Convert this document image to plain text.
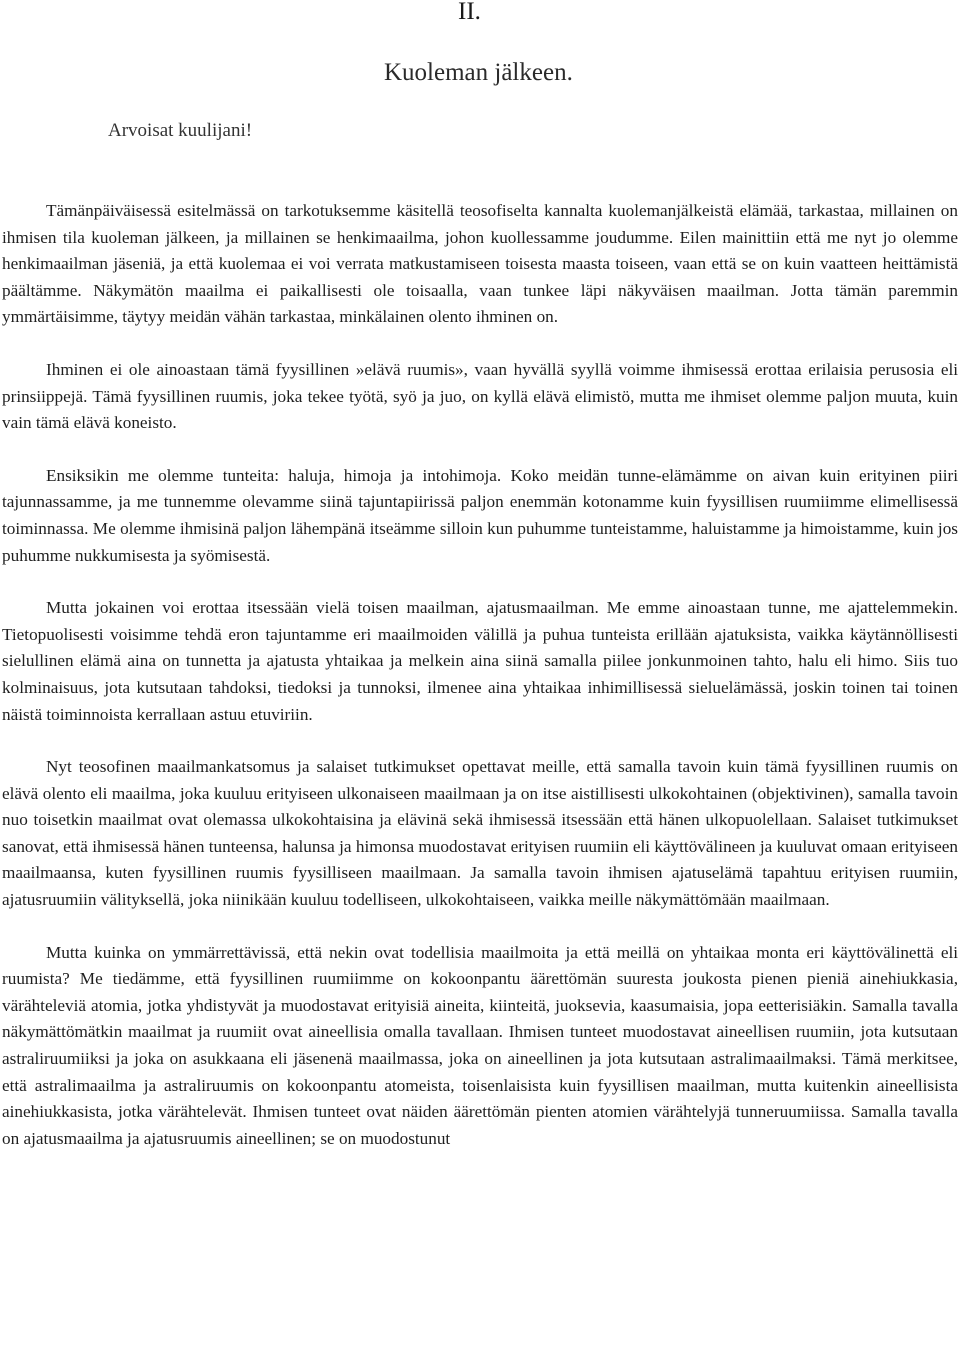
II.
Kuoleman jälkeen.

Arvoisat kuulijani!

Tämänpäiväisessä esitelmässä on tarkotuksemme käsitellä teosofiselta kannalta kuolemanjälkeistä elämää, tarkastaa, millainen on ihmisen tila kuoleman jälkeen, ja millainen se henkimaailma, johon kuollessamme joudumme. Eilen mainittiin että me nyt jo olemme henkimaailman jäseniä, ja että kuolemaa ei voi verrata matkustamiseen toisesta maasta toiseen, vaan että se on kuin vaatteen heittämistä päältämme. Näkymätön maailma ei paikallisesti ole toisaalla, vaan tunkee läpi näkyväisen maailman. Jotta tämän paremmin ymmärtäisimme, täytyy meidän vähän tarkastaa, minkälainen olento ihminen on.

Ihminen ei ole ainoastaan tämä fyysillinen »elävä ruumis», vaan hyvällä syyllä voimme ihmisessä erottaa erilaisia perusosia eli prinsiippejä. Tämä fyysillinen ruumis, joka tekee työtä, syö ja juo, on kyllä elävä elimistö, mutta me ihmiset olemme paljon muuta, kuin vain tämä elävä koneisto.

Ensiksikin me olemme tunteita: haluja, himoja ja intohimoja. Koko meidän tunne-elämämme on aivan kuin erityinen piiri tajunnassamme, ja me tunnemme olevamme siinä tajuntapiirissä paljon enemmän kotonamme kuin fyysillisen ruumiimme elimellisessä toiminnassa. Me olemme ihmisinä paljon lähempänä itseämme silloin kun puhumme tunteistamme, haluistamme ja himoistamme, kuin jos puhumme nukkumisesta ja syömisestä.

Mutta jokainen voi erottaa itsessään vielä toisen maailman, ajatusmaailman. Me emme ainoastaan tunne, me ajattelemmekin. Tietopuolisesti voisimme tehdä eron tajuntamme eri maailmoiden välillä ja puhua tunteista erillään ajatuksista, vaikka käytännöllisesti sielullinen elämä aina on tunnetta ja ajatusta yhtaikaa ja melkein aina siinä samalla piilee jonkunmoinen tahto, halu eli himo. Siis tuo kolminaisuus, jota kutsutaan tahdoksi, tiedoksi ja tunnoksi, ilmenee aina yhtaikaa inhimillisessä sieluelämässä, joskin toinen tai toinen näistä toiminnoista kerrallaan astuu etuviriin.

Nyt teosofinen maailmankatsomus ja salaiset tutkimukset opettavat meille, että samalla tavoin kuin tämä fyysillinen ruumis on elävä olento eli maailma, joka kuuluu erityiseen ulkonaiseen maailmaan ja on itse aistillisesti ulkokohtainen (objektivinen), samalla tavoin nuo toisetkin maailmat ovat olemassa ulkokohtaisina ja elävinä sekä ihmisessä itsessään että hänen ulkopuolellaan. Salaiset tutkimukset sanovat, että ihmisessä hänen tunteensa, halunsa ja himonsa muodostavat erityisen ruumiin eli käyttövälineen ja kuuluvat omaan erityiseen maailmaansa, kuten fyysillinen ruumis fyysilliseen maailmaan. Ja samalla tavoin ihmisen ajatuselämä tapahtuu erityisen ruumiin, ajatusruumiin välityksellä, joka niinikään kuuluu todelliseen, ulkokohtaiseen, vaikka meille näkymättömään maailmaan.

Mutta kuinka on ymmärrettävissä, että nekin ovat todellisia maailmoita ja että meillä on yhtaikaa monta eri käyttövälinettä eli ruumista? Me tiedämme, että fyysillinen ruumiimme on kokoonpantu äärettömän suuresta joukosta pienen pieniä ainehiukkasia, värähteleviä atomia, jotka yhdistyvät ja muodostavat erityisiä aineita, kiinteitä, juoksevia, kaasumaisia, jopa eetterisiäkin. Samalla tavalla näkymättömätkin maailmat ja ruumiit ovat aineellisia omalla tavallaan. Ihmisen tunteet muodostavat aineellisen ruumiin, jota kutsutaan astraliruumiiksi ja joka on asukkaana eli jäsenenä maailmassa, joka on aineellinen ja jota kutsutaan astralimaailmaksi. Tämä merkitsee, että astralimaailma ja astraliruumis on kokoonpantu atomeista, toisenlaisista kuin fyysillisen maailman, mutta kuitenkin aineellisista ainehiukkasista, jotka värähtelevät. Ihmisen tunteet ovat näiden äärettömän pienten atomien värähtelyjä tunneruumiissa. Samalla tavalla on ajatusmaailma ja ajatusruumis aineellinen; se on muodostunut
